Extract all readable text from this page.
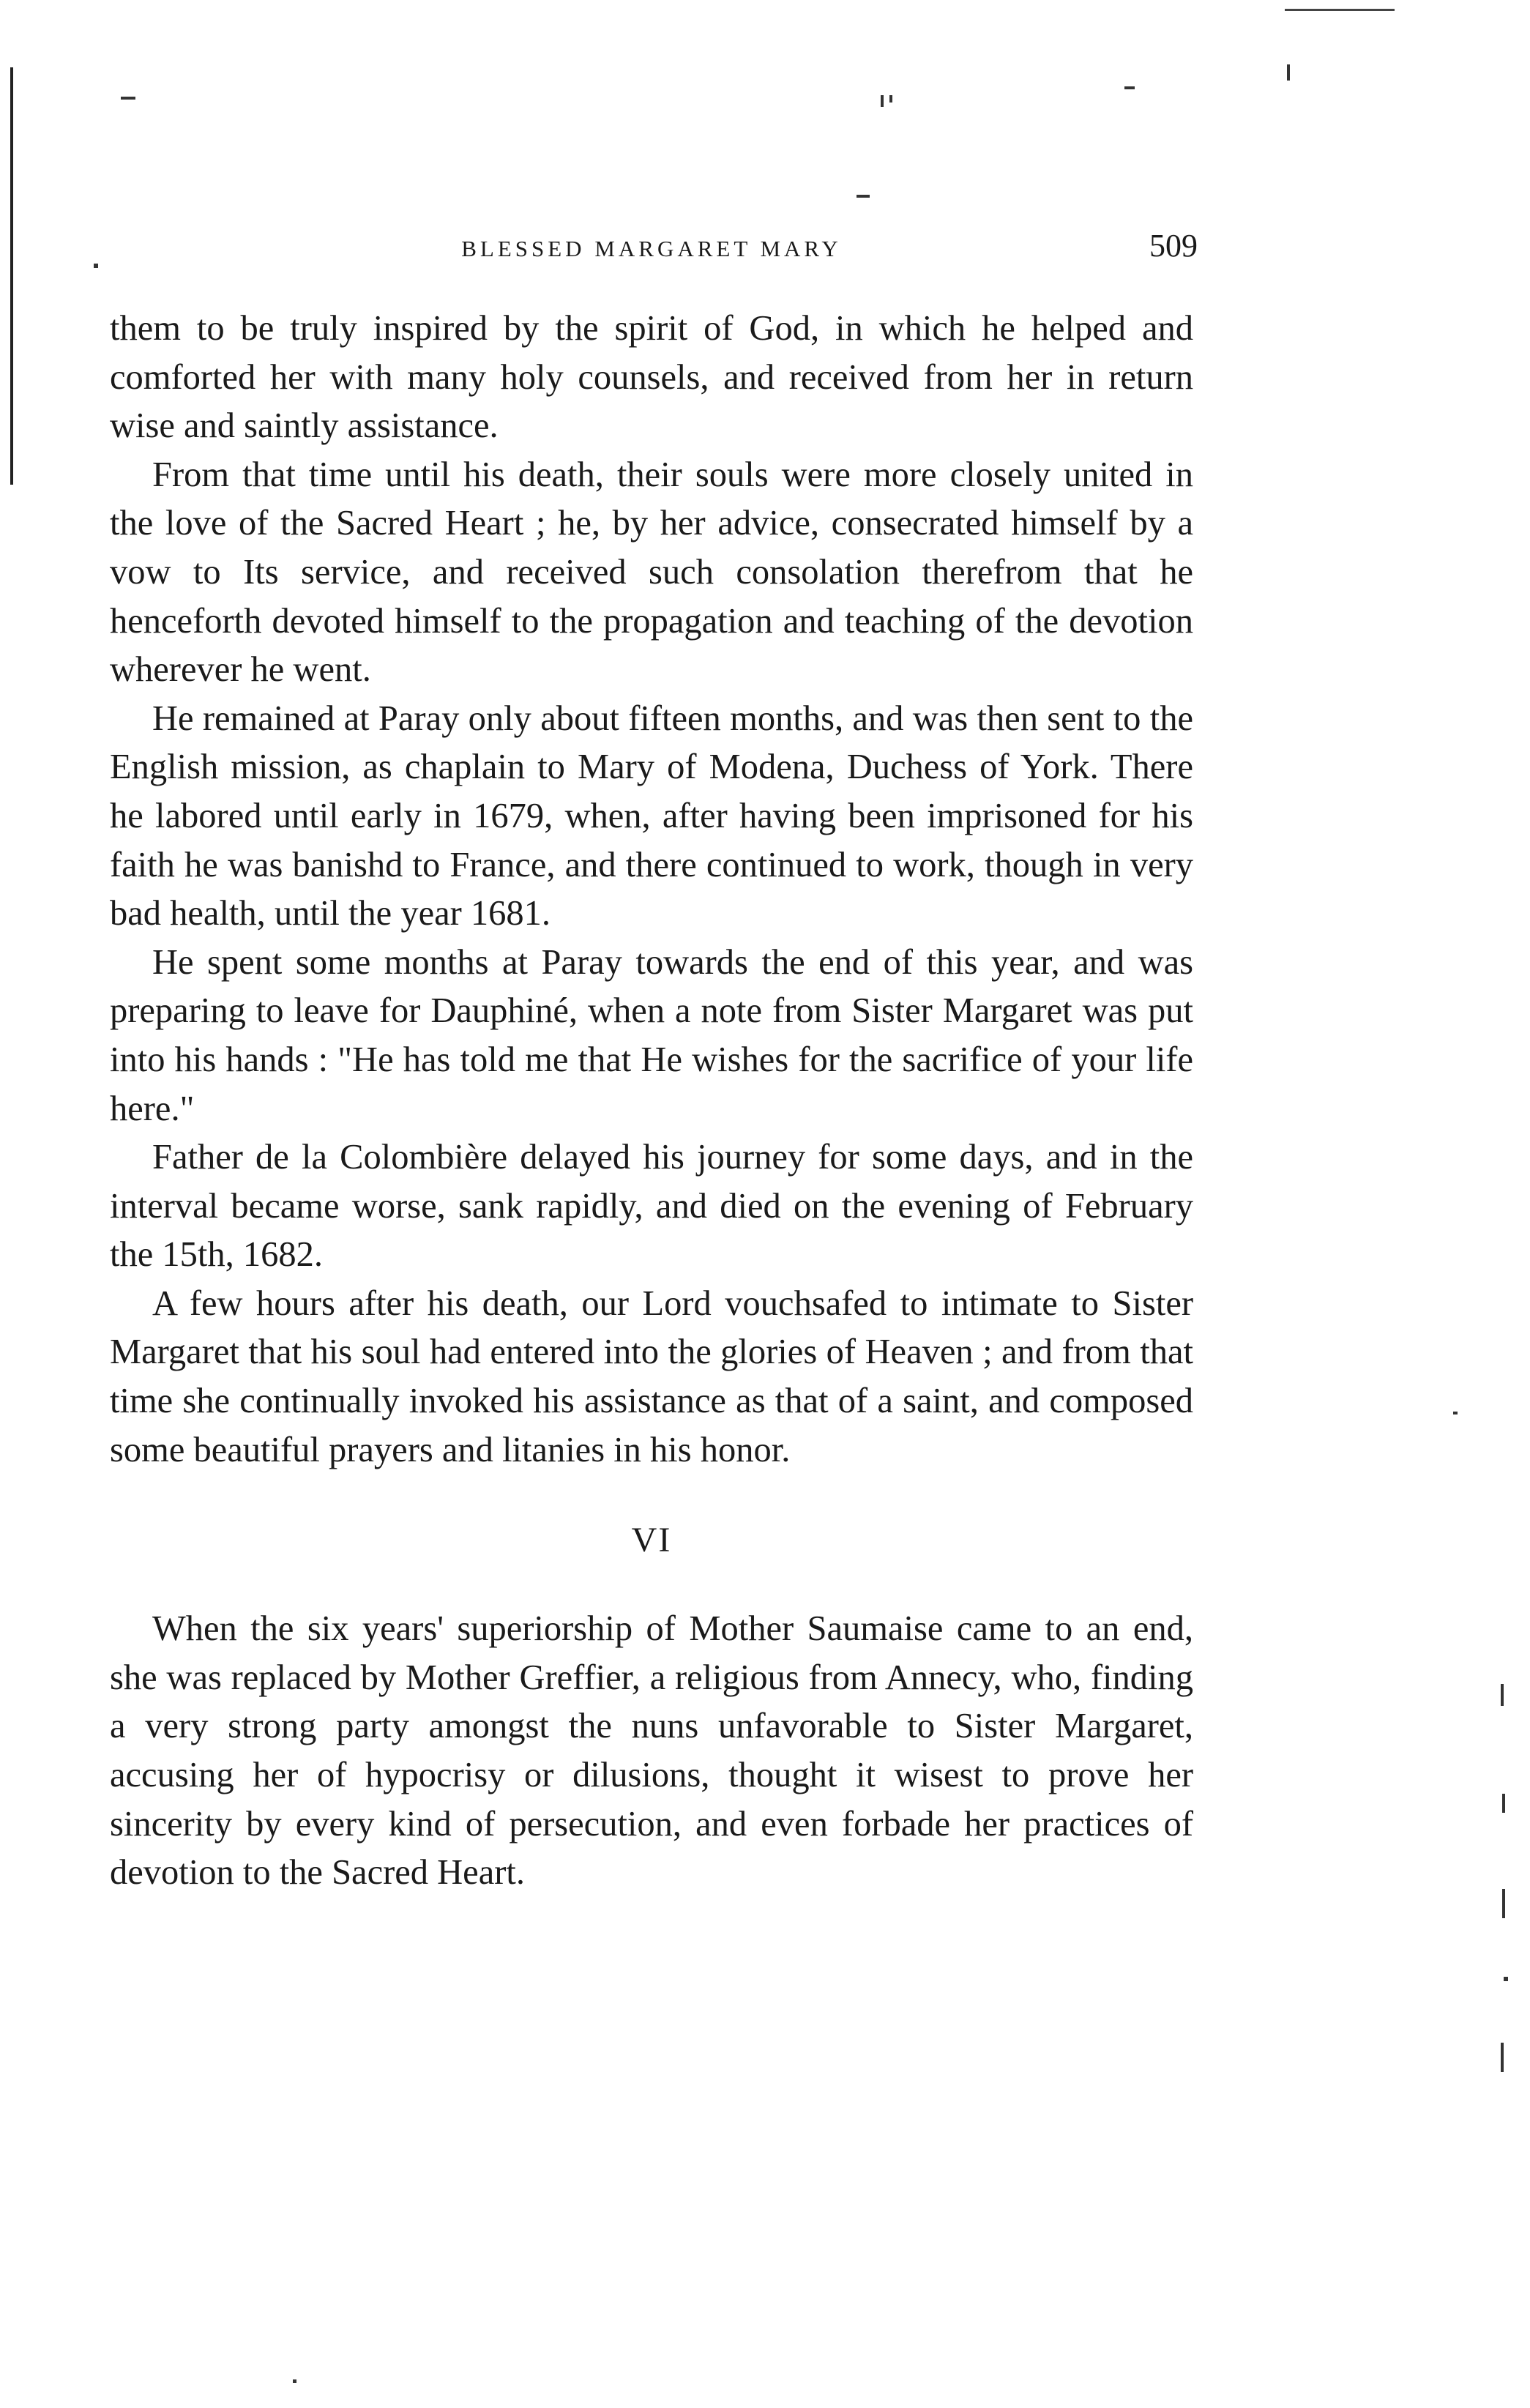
BLESSED MARGARET MARY	509

them to be truly inspired by the spirit of God, in which he helped and comforted her with many holy counsels, and received from her in return wise and saintly assistance.

From that time until his death, their souls were more closely united in the love of the Sacred Heart ; he, by her advice, consecrated himself by a vow to Its service, and received such consolation therefrom that he henceforth devoted himself to the propagation and teaching of the devotion wherever he went.

He remained at Paray only about fifteen months, and was then sent to the English mission, as chaplain to Mary of Modena, Duchess of York. There he labored until early in 1679, when, after having been imprisoned for his faith he was banishd to France, and there continued to work, though in very bad health, until the year 1681.

He spent some months at Paray towards the end of this year, and was preparing to leave for Dauphiné, when a note from Sister Margaret was put into his hands : "He has told me that He wishes for the sacrifice of your life here."

Father de la Colombière delayed his journey for some days, and in the interval became worse, sank rapidly, and died on the evening of February the 15th, 1682.

A few hours after his death, our Lord vouchsafed to intimate to Sister Margaret that his soul had entered into the glories of Heaven ; and from that time she continually invoked his assistance as that of a saint, and composed some beautiful prayers and litanies in his honor.

VI

When the six years' superiorship of Mother Saumaise came to an end, she was replaced by Mother Greffier, a religious from Annecy, who, finding a very strong party amongst the nuns unfavorable to Sister Margaret, accusing her of hypocrisy or dilusions, thought it wisest to prove her sincerity by every kind of persecution, and even forbade her practices of devotion to the Sacred Heart.
